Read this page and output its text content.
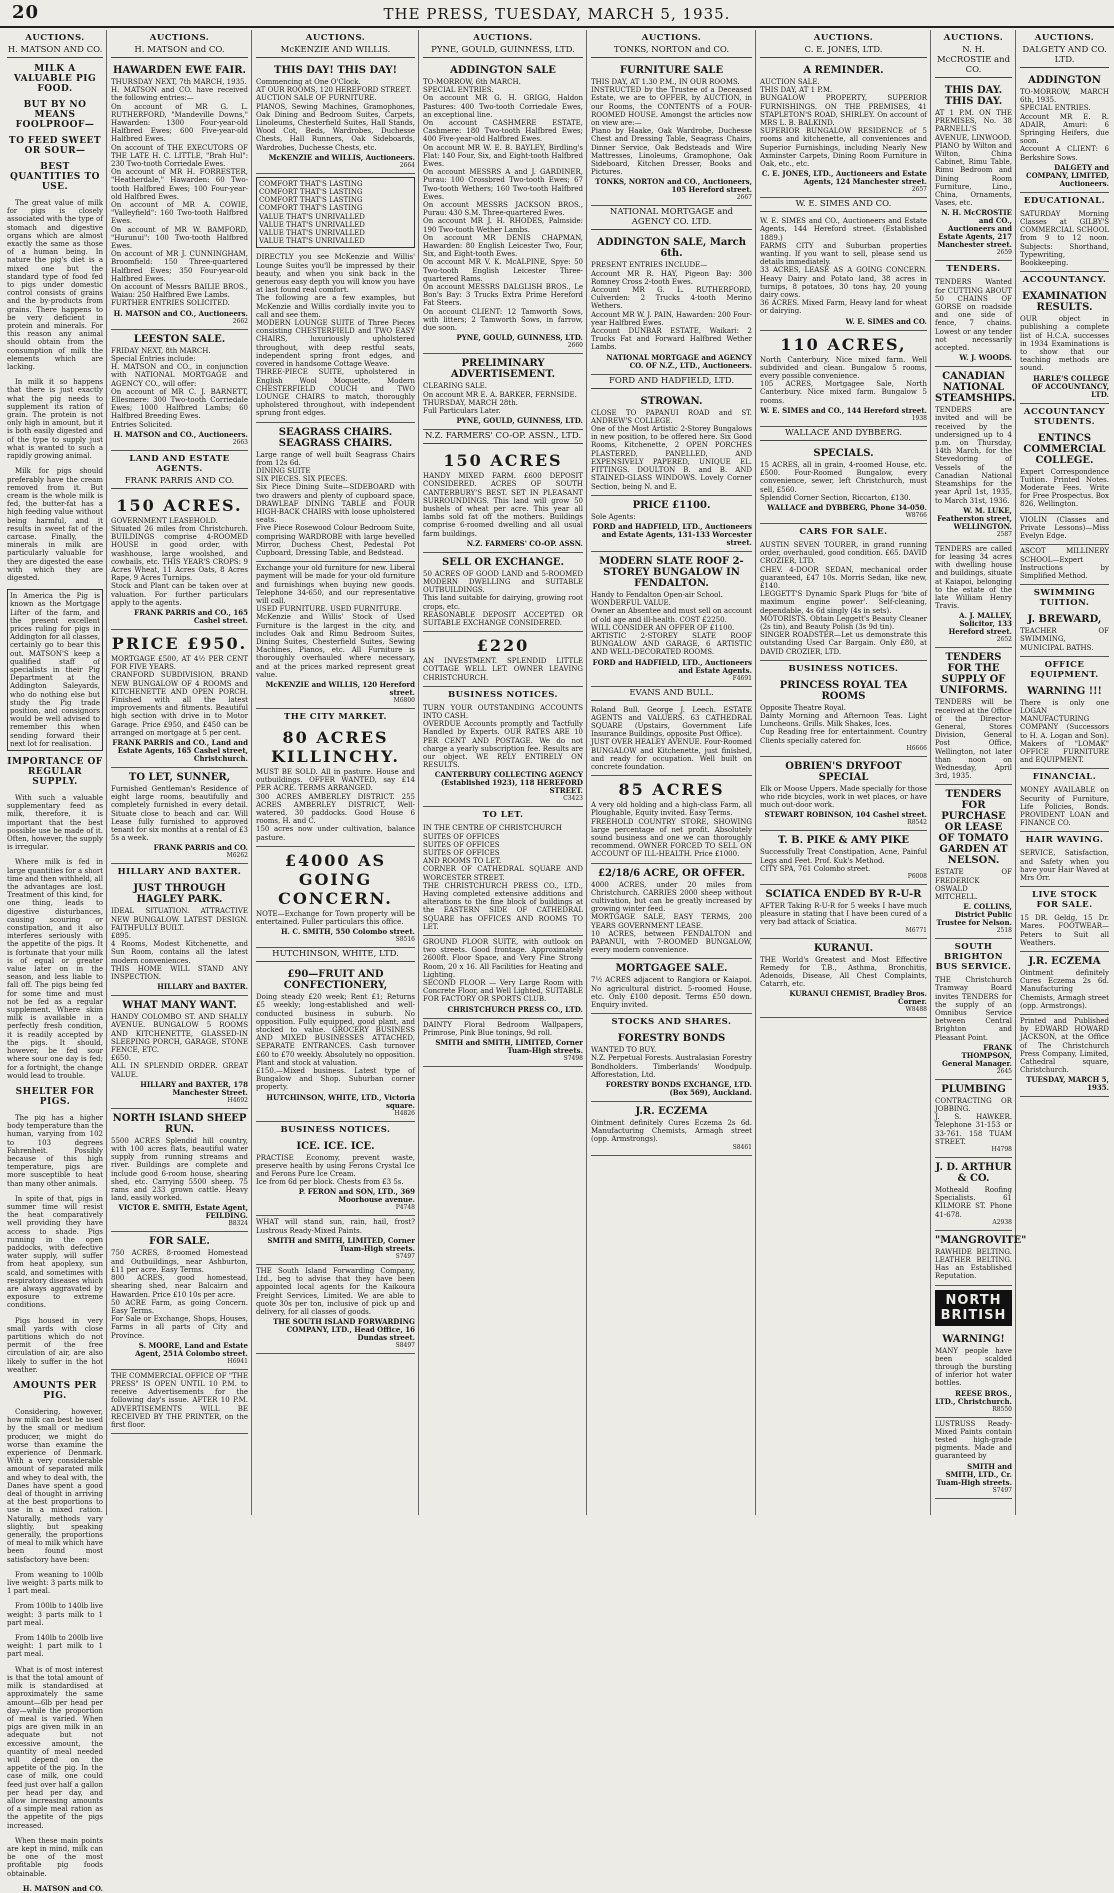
20	THE PRESS, TUESDAY, MARCH 5, 1935.
AUCTIONS.
H. MATSON AND CO.
MILK A VALUABLE PIG FOOD.
BUT BY NO MEANS FOOLPROOF—
TO FEED SWEET OR SOUR—
BEST QUANTITIES TO USE.

The great value of milk for pigs is closely associated with the type of stomach and digestive organs which are almost exactly the same as those of a human being. In nature the pig's diet is a mixed one but the standard type of food fed to pigs under domestic control consists of grains and the by-products from grains. There happens to be very deficient in protein and minerals. For this reason any animal should obtain from the consumption of milk the elements which are lacking.

In milk it so happens that there is just exactly what the pig needs to supplement its ration of grain. The protein is not only high in amount, but it is both easily digested and of the type to supply just what is wanted to such a rapidly growing animal.

Milk for pigs should preferably have the cream removed from it. But cream is the whole milk is fed, the butter-fat has a high feeding value without being harmful, and it results in sweet fat of the carcase. Finally, the minerals in milk are particularly valuable for they are digested the ease with which they are digested.

In America the Pig is known as the Mortgage Lifter of the farm, and the present excellent prices ruling for pigs in Addington for all classes, certainly go to bear this out. MATSON'S keep a qualified staff of specialists in their Pig Department at the Addington Saleyards, who do nothing else but study the Pig trade position, and consignors would be well advised to remember this when sending forward their next lot for realisation.
IMPORTANCE OF REGULAR SUPPLY.

With such a valuable supplementary feed as milk, therefore, it is important that the best possible use be made of it. Often, however, the supply is irregular.

Where milk is fed in large quantities for a short time and then withheld, all the advantages are lost. Treatment of this kind, for one thing, leads to digestive disturbances, causing scouring or constipation, and it also interferes seriously with the appetite of the pigs. It is fortunate that your milk is of equal or greater value later on in the season, and less liable to fall off. The pigs being fed for some time and must not be fed as a regular supplement. Where skim milk is available in a perfectly fresh condition, it is readily accepted by the pigs. It should, however, be fed sour where sour one day is fed; for a fortnight, the change would lead to trouble.

SHELTER FOR PIGS.

The pig has a higher body temperature than the human, varying from 102 to 103 degrees Fahrenheit. Possibly because of this high temperature, pigs are more susceptible to heat than many other animals.

In spite of that, pigs in summer time will resist the heat comparatively well providing they have access to shade. Pigs running in the open paddocks, with defective water supply, will suffer from heat apoplexy, sun scald, and sometimes with respiratory diseases which are always aggravated by exposure to extreme conditions.

Pigs housed in very small yards with close partitions which do not permit of the free circulation of air, are also likely to suffer in the hot weather.

AMOUNTS PER PIG.

Considering, however, how milk can best be used by the small or medium producer, we might do worse than examine the experience of Denmark. With a very considerable amount of separated milk and whey to deal with, the Danes have spent a good deal of thought in arriving at the best proportions to use in a mixed ration. Naturally, methods vary slightly, but speaking generally, the proportions of meal to milk which have been found most satisfactory have been:

From weaning to 100lb live weight: 3 parts milk to 1 part meal.

From 100lb to 140lb live weight: 3 parts milk to 1 part meal.

From 140lb to 200lb live weight: 1 part milk to 1 part meal.

What is of most interest is that the total amount of milk is standardised at approximately the same amount—6lb per head per day—while the proportion of meal is varied. When pigs are given milk in an adequate but not excessive amount, the quantity of meal needed will depend on the appetite of the pig. In the case of milk, one could feed just over half a gallon per head per day, and allow increasing amounts of a simple meal ration as the appetite of the pigs increased.

When these main points are kept in mind, milk can be one of the most profitable pig foods obtainable.

H. MATSON and CO.
AUCTIONS.
H. MATSON and CO.
HAWARDEN EWE FAIR.
THURSDAY NEXT, 7th MARCH, 1935.
H. MATSON and CO. have received the following entries:—
On account of MR G. L. RUTHERFORD, "Mandeville Downs," Hawarden: 1300 Four-year-old Halfbred Ewes; 600 Five-year-old Halfbred Ewes.
On account of THE EXECUTORS OF THE LATE H. C. LITTLE, "Brah Hul": 230 Two-tooth Corriedale Ewes.
On account of MR H. FORRESTER, "Heatherdale," Hawarden: 60 Two-tooth Halfbred Ewes; 100 Four-year-old Halfbred Ewes.
On account of MR A. COWIE, "Valleyfield": 160 Two-tooth Halfbred Ewes.
On account of MR W. BAMFORD, "Hurunui": 100 Two-tooth Halfbred Ewes.
On account of MR J. CUNNINGHAM, Broomfield: 150 Three-quartered Halfbred Ewes; 350 Four-year-old Halfbred Ewes.
On account of Messrs BAILIE BROS., Waiau: 250 Halfbred Ewe Lambs.
FURTHER ENTRIES SOLICITED.
H. MATSON and CO., Auctioneers.
2662
LEESTON SALE.
FRIDAY NEXT, 8th MARCH.
Special Entries include:
H. MATSON and CO., in conjunction with NATIONAL MORTGAGE and AGENCY CO., will offer:
On account of MR C. J. BARNETT, Ellesmere: 300 Two-tooth Corriedale Ewes; 1000 Halfbred Lambs; 60 Halfbred Breeding Ewes.
Entries Solicited.
H. MATSON and CO., Auctioneers.
2663
LAND AND ESTATE AGENTS.
FRANK PARRIS AND CO.
150 ACRES.
GOVERNMENT LEASEHOLD.
Situated 26 miles from Christchurch. BUILDINGS comprise 4-ROOMED HOUSE in good order, with washhouse, large woolshed, and cowbails, etc. THIS YEAR'S CROPS: 9 Acres Wheat, 11 Acres Oats, 8 Acres Rape, 9 Acres Turnips.
Stock and Plant can be taken over at valuation. For further particulars apply to the agents.
FRANK PARRIS and CO., 165 Cashel street.
PRICE £950.
MORTGAGE £500, AT 4½ PER CENT FOR FIVE YEARS.
CRANFORD SUBDIVISION, BRAND NEW BUNGALOW OF 4 ROOMS and KITCHENETTE AND OPEN PORCH. Finished with all the latest improvements and fitments. Beautiful high section with drive in to Motor Garage. Price £950, and £450 can be arranged on mortgage at 5 per cent.
FRANK PARRIS and CO., Land and Estate Agents, 165 Cashel street, Christchurch.
TO LET, SUNNER,
Furnished Gentleman's Residence of eight large rooms, beautifully and completely furnished in every detail. Situate close to beach and car. Will Lease fully furnished to approved tenant for six months at a rental of £3 5s a week.
FRANK PARRIS and CO.
M6262
HILLARY AND BAXTER.
JUST THROUGH HAGLEY PARK.
IDEAL SITUATION. ATTRACTIVE NEW BUNGALOW. LATEST DESIGN. FAITHFULLY BUILT.
£895.
4 Rooms, Modest Kitchenette, and Sun Room, contains all the latest modern conveniences.
THIS HOME WILL STAND ANY INSPECTION.
HILLARY and BAXTER.
WHAT MANY WANT.
HANDY COLOMBO ST. AND SHALLY AVENUE. BUNGALOW 5 ROOMS AND KITCHENETTE, GLASSED-IN SLEEPING PORCH, GARAGE, STONE FENCE, ETC.
£650.
ALL IN SPLENDID ORDER. GREAT VALUE.
HILLARY and BAXTER, 178 Manchester Street.
H4692
NORTH ISLAND SHEEP RUN.
5500 ACRES Splendid hill country, with 100 acres flats, beautiful water supply from running streams and river. Buildings are complete and include good 6-room house, shearing shed, etc. Carrying 5500 sheep. 75 rams and 233 grown cattle. Heavy land, easily worked.
VICTOR E. SMITH, Estate Agent, FEILDING.
B8324
FOR SALE.
750 ACRES, 8-roomed Homestead and Outbuildings, near Ashburton, £11 per acre. Easy Terms.
800 ACRES, good homestead, shearing shed, near Balcairn and Hawarden. Price £10 10s per acre.
50 ACRE Farm, as going Concern. Easy Terms.
For Sale or Exchange, Shops, Houses, Farms in all parts of City and Province.
S. MOORE, Land and Estate Agent, 251A Colombo street.
H6941
THE COMMERCIAL OFFICE OF "THE PRESS" IS OPEN UNTIL 10 P.M. to receive Advertisements for the following day's issue. AFTER 10 P.M. ADVERTISEMENTS WILL BE RECEIVED BY THE PRINTER, on the first floor.
AUCTIONS.
McKENZIE AND WILLIS.
THIS DAY! THIS DAY!
Commencing at One O'Clock.
AT OUR ROOMS, 120 HEREFORD STREET.
AUCTION SALE OF FURNITURE.
PIANOS, Sewing Machines, Gramophones, Oak Dining and Bedroom Suites, Carpets, Linoleums, Chesterfield Suites, Hall Stands, Wood Cot, Beds, Wardrobes, Duchesse Chests, Hall Runners, Oak Sideboards, Wardrobes, Duchesse Chests, etc.
McKENZIE and WILLIS, Auctioneers.
2664
COMFORT THAT'S LASTING
COMFORT THAT'S LASTING
COMFORT THAT'S LASTING
COMFORT THAT'S LASTING
VALUE THAT'S UNRIVALLED
VALUE THAT'S UNRIVALLED
VALUE THAT'S UNRIVALLED
VALUE THAT'S UNRIVALLED
DIRECTLY you see McKenzie and Willis' Lounge Suites you'll be impressed by their beauty, and when you sink back in the generous easy depth you will know you have at last found real comfort.
The following are a few examples, but McKenzie and Willis cordially invite you to call and see them.
MODERN LOUNGE SUITE of Three Pieces consisting CHESTERFIELD and TWO EASY CHAIRS, luxuriously upholstered throughout, with deep restful seats, independent spring front edges, and covered in handsome Cottage Weave.
THREE-PIECE SUITE, upholstered in English Wool Moquette, Modern CHESTERFIELD COUCH and TWO LOUNGE CHAIRS to match, thoroughly upholstered throughout, with independent sprung front edges.
SEAGRASS CHAIRS. SEAGRASS CHAIRS.
Large range of well built Seagrass Chairs from 12s 6d.
DINING SUITE
SIX PIECES. SIX PIECES.
Six Piece Dining Suite—SIDEBOARD with two drawers and plenty of cupboard space, DRAWLEAF DINING TABLE and FOUR HIGH-BACK CHAIRS with loose upholstered seats.
Five Piece Rosewood Colour Bedroom Suite, comprising WARDROBE with large bevelled Mirror, Duchess Chest, Pedestal Pot Cupboard, Dressing Table, and Bedstead.
Exchange your old furniture for new. Liberal payment will be made for your old furniture and furnishings when buying new goods. Telephone 34-650, and our representative will call.
USED FURNITURE. USED FURNITURE.
McKenzie and Willis' Stock of Used Furniture is the largest in the city, and includes Oak and Rimu Bedroom Suites, Dining Suites, Chesterfield Suites, Sewing Machines, Pianos, etc. All Furniture is thoroughly overhauled where necessary, and at the prices marked represent great value.
McKENZIE and WILLIS, 120 Hereford street.
M6800
THE CITY MARKET.
80 ACRES KILLINCHY.
MUST BE SOLD. All in pasture. House and outbuildings. OFFER WANTED, say £14 PER ACRE. TERMS ARRANGED.
300 ACRES AMBERLEY DISTRICT. 255 ACRES AMBERLEY DISTRICT, Well-watered, 30 paddocks. Good House 6 rooms, H. and C.
150 acres now under cultivation, balance pasture.
£4000 AS GOING CONCERN.
NOTE—Exchange for Town property will be entertained. Fuller particulars this office.
H. C. SMITH, 550 Colombo street.
S8516
HUTCHINSON, WHITE, LTD.
£90—FRUIT AND CONFECTIONERY,
Doing steady £20 week; Rent £1; Returns £5 weekly; long-established and well-conducted business in suburb. No opposition. Fully equipped, good plant, and stocked to value. GROCERY BUSINESS AND MIXED BUSINESSES ATTACHED, SEPARATE ENTRANCES. Cash turnover £60 to £70 weekly. Absolutely no opposition. Plant and stock at valuation.
£150.—Mixed business. Latest type of Bungalow and Shop. Suburban corner property.
HUTCHINSON, WHITE, LTD., Victoria square.
H4826
BUSINESS NOTICES.
ICE. ICE. ICE.
PRACTISE Economy, prevent waste, preserve health by using Ferons Crystal Ice and Ferons Pure Ice Cream.
Ice from 6d per block. Chests from £3 5s.
P. FERON and SON, LTD., 369 Moorhouse avenue.
P4748
WHAT will stand sun, rain, hail, frost? Lustrous Ready-Mixed Paints.
SMITH and SMITH, LIMITED, Corner Tuam-High streets.
S7497
THE South Island Forwarding Company, Ltd., beg to advise that they have been appointed local agents for the Kaikoura Freight Services, Limited. We are able to quote 30s per ton, inclusive of pick up and delivery, for all classes of goods.
THE SOUTH ISLAND FORWARDING COMPANY, LTD., Head Office, 16 Dundas street.
S8497
AUCTIONS.
PYNE, GOULD, GUINNESS, LTD.
ADDINGTON SALE
TO-MORROW, 6th MARCH.
SPECIAL ENTRIES.
On account MR G. H. GRIGG, Haldon Pastures: 400 Two-tooth Corriedale Ewes, an exceptional line.
On account CASHMERE ESTATE, Cashmere: 180 Two-tooth Halfbred Ewes; 400 Five-year-old Halfbred Ewes.
On account MR W. E. B. BAYLEY, Birdling's Flat: 140 Four, Six, and Eight-tooth Halfbred Ewes.
On account MESSRS A and J. GARDINER, Purau: 100 Crossbred Two-tooth Ewes; 67 Two-tooth Wethers; 160 Two-tooth Halfbred Ewes.
On account MESSRS JACKSON BROS., Purau: 430 S.M. Three-quartered Ewes.
On account MR J. H. RHODES, Palmside: 190 Two-tooth Wether Lambs.
On account MR DENIS CHAPMAN, Hawarden: 80 English Leicester Two, Four, Six, and Eight-tooth Ewes.
On account MR V. K. McALPINE, Spye: 50 Two-tooth English Leicester Three-quartered Rams.
On account MESSRS DALGLISH BROS., Le Bon's Bay: 3 Trucks Extra Prime Hereford Fat Steers.
On account CLIENT: 12 Tamworth Sows, with litters; 2 Tamworth Sows, in farrow, due soon.
PYNE, GOULD, GUINNESS, LTD.
2660
PRELIMINARY ADVERTISEMENT.
CLEARING SALE.
On account MR E. A. BARKER, FERNSIDE.
THURSDAY, MARCH 28th.
Full Particulars Later.
PYNE, GOULD, GUINNESS, LTD.
N.Z. FARMERS' CO-OP. ASSN., LTD.
150 ACRES
HANDY MIXED FARM. £600 DEPOSIT CONSIDERED. ACRES OF SOUTH CANTERBURY'S BEST. SET IN PLEASANT SURROUNDINGS. This land will grow 50 bushels of wheat per acre. This year all lambs sold fat off the mothers. Buildings comprise 6-roomed dwelling and all usual farm buildings.
N.Z. FARMERS' CO-OP. ASSN.
SELL OR EXCHANGE.
50 ACRES OF GOOD LAND and 5-ROOMED MODERN DWELLING and SUITABLE OUTBUILDINGS.
This land suitable for dairying, growing root crops, etc.
REASONABLE DEPOSIT ACCEPTED OR SUITABLE EXCHANGE CONSIDERED.
£220
AN INVESTMENT. SPLENDID LITTLE COTTAGE WELL LET. OWNER LEAVING CHRISTCHURCH.
BUSINESS NOTICES.
TURN YOUR OUTSTANDING ACCOUNTS INTO CASH.
OVERDUE Accounts promptly and Tactfully Handled by Experts. OUR RATES ARE 10 PER CENT AND POSTAGE. We do not charge a yearly subscription fee. Results are our object. WE RELY ENTIRELY ON RESULTS.
CANTERBURY COLLECTING AGENCY (Established 1923), 118 HEREFORD STREET.
C3423
TO LET.
IN THE CENTRE OF CHRISTCHURCH
SUITES OF OFFICES
SUITES OF OFFICES
SUITES OF OFFICES
AND ROOMS TO LET.
CORNER OF CATHEDRAL SQUARE AND WORCESTER STREET.
THE CHRISTCHURCH PRESS CO., LTD., Having completed extensive additions and alterations to the fine block of buildings at the EASTERN SIDE OF CATHEDRAL SQUARE has OFFICES AND ROOMS TO LET.
GROUND FLOOR SUITE, with outlook on two streets. Good frontage. Approximately 2600ft. Floor Space, and Very Fine Strong Room, 20 x 16. All Facilities for Heating and Lighting.
SECOND FLOOR — Very Large Room with Concrete Floor, and Well Lighted, SUITABLE FOR FACTORY OR SPORTS CLUB.
CHRISTCHURCH PRESS CO., LTD.
DAINTY Floral Bedroom Wallpapers, Primrose, Pink Blue tonings, 9d roll.
SMITH and SMITH, LIMITED, Corner Tuam-High streets.
S7498
AUCTIONS.
TONKS, NORTON and CO.
FURNITURE SALE
THIS DAY, AT 1.30 P.M., IN OUR ROOMS.
INSTRUCTED by the Trustee of a Deceased Estate, we are to OFFER, by AUCTION, in our Rooms, the CONTENTS of a FOUR-ROOMED HOUSE. Amongst the articles now on view are:—
Piano by Haake, Oak Wardrobe, Duchesse Chest and Dressing Table, Seagrass Chairs, Dinner Service, Oak Bedsteads and Wire Mattresses, Linoleums, Gramophone, Oak Sideboard, Kitchen Dresser, Books and Pictures.
TONKS, NORTON and CO., Auctioneers, 105 Hereford street.
2667
NATIONAL MORTGAGE and AGENCY CO. LTD.
ADDINGTON SALE, March 6th.
PRESENT ENTRIES INCLUDE—
Account MR R. HAY, Pigeon Bay: 300 Romney Cross 2-tooth Ewes.
Account MR G. L. RUTHERFORD, Culverden: 2 Trucks 4-tooth Merino Wethers.
Account MR W. J. PAIN, Hawarden: 200 Four-year Halfbred Ewes.
Account DUNBAR ESTATE, Waikari: 2 Trucks Fat and Forward Halfbred Wether Lambs.
NATIONAL MORTGAGE and AGENCY CO. OF N.Z., LTD., Auctioneers.
FORD AND HADFIELD, LTD.
STROWAN.
CLOSE TO PAPANUI ROAD and ST. ANDREW'S COLLEGE.
One of the Most Artistic 2-Storey Bungalows in new position, to be offered here. Six Good Rooms, Kitchenette, 2 OPEN PORCHES PLASTERED, PANELLED, AND EXPENSIVELY PAPERED, UNIQUE EL. FITTINGS. DOULTON B. and B. AND STAINED-GLASS WINDOWS. Lovely Corner Section, being N. and E.
PRICE £1100.
Sole Agents:
FORD and HADFIELD, LTD., Auctioneers and Estate Agents, 131-133 Worcester street.
MODERN SLATE ROOF 2-STOREY BUNGALOW IN FENDALTON.
Handy to Fendalton Open-air School.
WONDERFUL VALUE.
Owner an Absentee and must sell on account of old age and ill-health. COST £2250.
WILL CONSIDER AN OFFER OF £1100.
ARTISTIC 2-STOREY SLATE ROOF BUNGALOW AND GARAGE, 6 ARTISTIC AND WELL-DECORATED ROOMS.
FORD and HADFIELD, LTD., Auctioneers and Estate Agents.
F4691
EVANS AND BULL.
Roland Bull. George J. Leech. ESTATE AGENTS and VALUERS. 63 CATHEDRAL SQUARE (Upstairs, Government Life Insurance Buildings, opposite Post Office).
JUST OVER HEALEY AVENUE. Four-Roomed BUNGALOW and Kitchenette, just finished, and ready for occupation. Well built on concrete foundation.
85 ACRES
A very old holding and a high-class Farm, all Ploughable, Equity invited. Easy Terms.
FREEHOLD COUNTRY STORE, SHOWING large percentage of net profit. Absolutely sound business and one we can thoroughly recommend. OWNER FORCED TO SELL ON ACCOUNT OF ILL-HEALTH. Price £1000.
£2/18/6 ACRE, OR OFFER.
4000 ACRES, under 20 miles from Christchurch. CARRIES 2000 sheep without cultivation, but can be greatly increased by growing winter feed.
MORTGAGE SALE, EASY TERMS, 200 YEARS GOVERNMENT LEASE.
10 ACRES, between FENDALTON and PAPANUI, with 7-ROOMED BUNGALOW, every modern convenience.
MORTGAGEE SALE.
7½ ACRES adjacent to Rangiora or Kaiapoi. No agricultural district. 5-roomed House, etc. Only £100 deposit. Terms £50 down. Enquiry invited.
STOCKS AND SHARES.
FORESTRY BONDS
WANTED TO BUY.
N.Z. Perpetual Forests. Australasian Forestry Bondholders. Timberlands' Woodpulp. Afforestation, Ltd.
FORESTRY BONDS EXCHANGE, LTD. (Box 569), Auckland.
J.R. ECZEMA
Ointment definitely Cures Eczema 2s 6d. Manufacturing Chemists, Armagh street (opp. Armstrongs).
S8461
AUCTIONS.
C. E. JONES, LTD.
A REMINDER.
AUCTION SALE.
THIS DAY, AT 1 P.M.
BUNGALOW PROPERTY, SUPERIOR FURNISHINGS. ON THE PREMISES, 41 STAPLETON'S ROAD, SHIRLEY. On account of MRS L. B. BALKIND.
SUPERIOR BUNGALOW RESIDENCE of 5 rooms and kitchenette, all conveniences and Superior Furnishings, including Nearly New Axminster Carpets, Dining Room Furniture in Oak, etc., etc.
C. E. JONES, LTD., Auctioneers and Estate Agents, 124 Manchester street.
2657
W. E. SIMES AND CO.
W. E. SIMES and CO., Auctioneers and Estate Agents, 144 Hereford street. (Established 1889.)
FARMS CITY and Suburban properties wanting. If you want to sell, please send us details immediately.
33 ACRES, LEASE AS A GOING CONCERN. Heavy Dairy and Potato land, 38 acres in turnips, 8 potatoes, 30 tons hay, 20 young dairy cows.
36 ACRES. Mixed Farm, Heavy land for wheat or dairying.
W. E. SIMES and CO.
110 ACRES,
North Canterbury. Nice mixed farm. Well subdivided and clean. Bungalow 5 rooms, every possible convenience.
105 ACRES, Mortgagee Sale, North Canterbury. Nice mixed farm. Bungalow 5 rooms.
W. E. SIMES and CO., 144 Hereford street.
1938
WALLACE AND DYBBERG.
SPECIALS.
15 ACRES, all in grain, 4-roomed House, etc. £500. Four-Roomed Bungalow, every convenience, sewer, left Christchurch, must sell, £560.
Splendid Corner Section, Riccarton, £130.
WALLACE and DYBBERG, Phone 34-050.
W8766
CARS FOR SALE.
AUSTIN SEVEN TOURER, in grand running order, overhauled, good condition. £65. DAVID CROZIER, LTD.
CHEV. 4-DOOR SEDAN, mechanical order guaranteed, £47 10s. Morris Sedan, like new, £140.
LEGGETT'S Dynamic Spark Plugs for 'bite of maximum engine power'. Self-cleaning, dependable, 4s 6d singly (4s in sets).
MOTORISTS. Obtain Leggett's Beauty Cleaner (2s tin), and Beauty Polish (3s 9d tin).
SINGER ROADSTER—Let us demonstrate this outstanding Used Car Bargain. Only £80, at DAVID CROZIER, LTD.
BUSINESS NOTICES.
PRINCESS ROYAL TEA ROOMS
Opposite Theatre Royal.
Dainty Morning and Afternoon Teas. Light Luncheons. Grills. Milk Shakes, Ices.
Cup Reading free for entertainment. Country Clients specially catered for.
H6666
OBRIEN'S DRYFOOT SPECIAL
Elk or Moose Uppers. Made specially for those who ride bicycles, work in wet places, or have much out-door work.
STEWART ROBINSON, 104 Cashel street.
R8542
T. B. PIKE & AMY PIKE
Successfully Treat Constipation, Acne, Painful Legs and Feet. Prof. Kuk's Method.
CITY SPA, 761 Colombo street.
P6008
SCIATICA ENDED BY R-U-R
AFTER Taking R-U-R for 5 weeks I have much pleasure in stating that I have been cured of a very bad attack of Sciatica.
M6771
KURANUI.
THE World's Greatest and Most Effective Remedy for T.B., Asthma, Bronchitis, Adenoids, Disease, All Chest Complaints, Catarrh, etc.
KURANUI CHEMIST, Bradley Bros. Corner.
W8488
AUCTIONS.
N. H. McCROSTIE and CO.
THIS DAY. THIS DAY.
AT 1 P.M. ON THE PREMISES, No. 38 PARNELL'S AVENUE, LINWOOD.
PIANO by Wilton and Wilton, China Cabinet, Rimu Table, Rimu Bedroom and Dining Room Furniture, Lino., China, Ornaments, Vases, etc.
N. H. McCROSTIE and CO., Auctioneers and Estate Agents, 217 Manchester street.
2659
TENDERS.
TENDERS Wanted for CUTTING ABOUT 50 CHAINS OF GORSE on roadside and one side of fence, 7 chains. Lowest or any tender not necessarily accepted.
W. J. WOODS.
CANADIAN NATIONAL STEAMSHIPS.
TENDERS are invited and will be received by the undersigned up to 4 p.m. on Thursday, 14th March, for the Stevedoring of Vessels of the Canadian National Steamships for the year April 1st, 1935, to March 31st, 1936.
W. M. LUKE, Featherston street, WELLINGTON.
2587
TENDERS are called for leasing 34 acres with dwelling house and buildings, situate at Kaiapoi, belonging to the estate of the late William Henry Travis.
A. J. MALLEY, Solicitor, 133 Hereford street.
2652
TENDERS FOR THE SUPPLY OF UNIFORMS.
TENDERS will be received at the Office of the Director-General, Stores Division, General Post Office, Wellington, not later than noon on Wednesday, April 3rd, 1935.
TENDERS FOR PURCHASE OR LEASE OF TOMATO GARDEN AT NELSON.
ESTATE OF FREDERICK OSWALD MITCHELL.
E. COLLINS, District Public Trustee for Nelson.
2518
SOUTH BRIGHTON BUS SERVICE.
THE Christchurch Tramway Board invites TENDERS for the supply of an Omnibus Service between Central Brighton and Pleasant Point.
FRANK THOMPSON, General Manager.
2645
PLUMBING
CONTRACTING OR JOBBING.
J. S. HAWKER. Telephone 31-153 or 33-761. 158 TUAM STREET.
H4798
J. D. ARTHUR & CO.
Motheald Roofing Specialists. 61 KILMORE ST. Phone 41-678.
A2938
"MANGROVITE"
RAWHIDE BELTING. LEATHER BELTING. Has an Established Reputation.
NORTH BRITISH
WARNING!
MANY people have been scalded through the bursting of inferior hot water bottles.
REESE BROS., LTD., Christchurch.
R8550
LUSTRUSS Ready-Mixed Paints contain tested high-grade pigments. Made and guaranteed by
SMITH and SMITH, LTD., Cr. Tuam-High streets.
S7497
AUCTIONS.
DALGETY AND CO. LTD.
ADDINGTON
TO-MORROW, MARCH 6th, 1935.
SPECIAL ENTRIES.
Account MR E. R. ADAIR, Amuri: 6 Springing Heifers, due soon.
Account A CLIENT: 6 Berkshire Sows.
DALGETY and COMPANY, LIMITED, Auctioneers.
EDUCATIONAL.
SATURDAY Morning Classes at GILBY'S COMMERCIAL SCHOOL from 9 to 12 noon. Subjects: Shorthand, Typewriting, Bookkeeping.
ACCOUNTANCY.
EXAMINATION RESULTS.
OUR object in publishing a complete list of H.C.A. successes in 1934 Examinations is to show that our teaching methods are sound.
HARLE'S COLLEGE OF ACCOUNTANCY, LTD.
ACCOUNTANCY STUDENTS.
ENTINCS COMMERCIAL COLLEGE.
Expert Correspondence Tuition. Printed Notes. Moderate Fees. Write for Free Prospectus. Box 826, Wellington.
VIOLIN (Classes and Private Lessons)—Miss Evelyn Edge.
ASCOT MILLINERY SCHOOL—Expert Instructions by Simplified Method.
SWIMMING TUITION.
J. BREWARD,
TEACHER OF SWIMMING, MUNICIPAL BATHS.
OFFICE EQUIPMENT.
WARNING !!!
There is only one LOGAN MANUFACTURING COMPANY (Successors to H. A. Logan and Son). Makers of "LOMAK" OFFICE FURNITURE and EQUIPMENT.
FINANCIAL.
MONEY AVAILABLE on Security of Furniture, Life Policies, Bonds. PROVIDENT LOAN and FINANCE CO.
HAIR WAVING.
SERVICE, Satisfaction, and Safety when you have your Hair Waved at Mrs Orr.
LIVE STOCK FOR SALE.
15 DR. Geldg, 15 Dr. Mares. FOOTWEAR—Peters to Suit all Weathers.
J.R. ECZEMA
Ointment definitely Cures Eczema 2s 6d. Manufacturing Chemists, Armagh street (opp. Armstrongs).
Printed and Published by EDWARD HOWARD JACKSON, at the Office of The Christchurch Press Company, Limited, Cathedral square, Christchurch.
TUESDAY, MARCH 5, 1935.
